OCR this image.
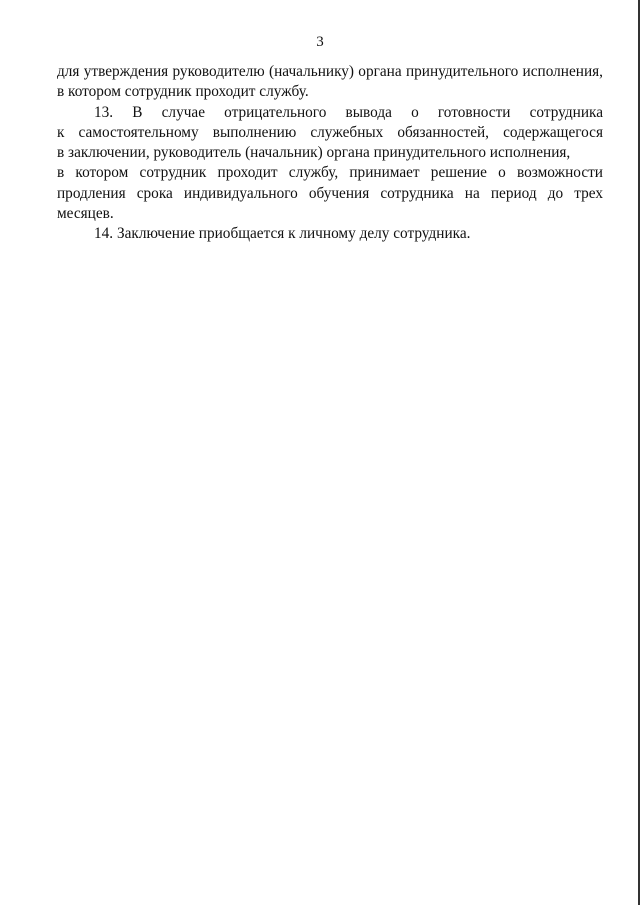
3
для утверждения руководителю (начальнику) органа принудительного исполнения,
в котором сотрудник проходит службу.
13. В случае отрицательного вывода о готовности сотрудника
к самостоятельному выполнению служебных обязанностей, содержащегося
в заключении, руководитель (начальник) органа принудительного исполнения,
в котором сотрудник проходит службу, принимает решение о возможности
продления срока индивидуального обучения сотрудника на период до трех месяцев.
14. Заключение приобщается к личному делу сотрудника.
